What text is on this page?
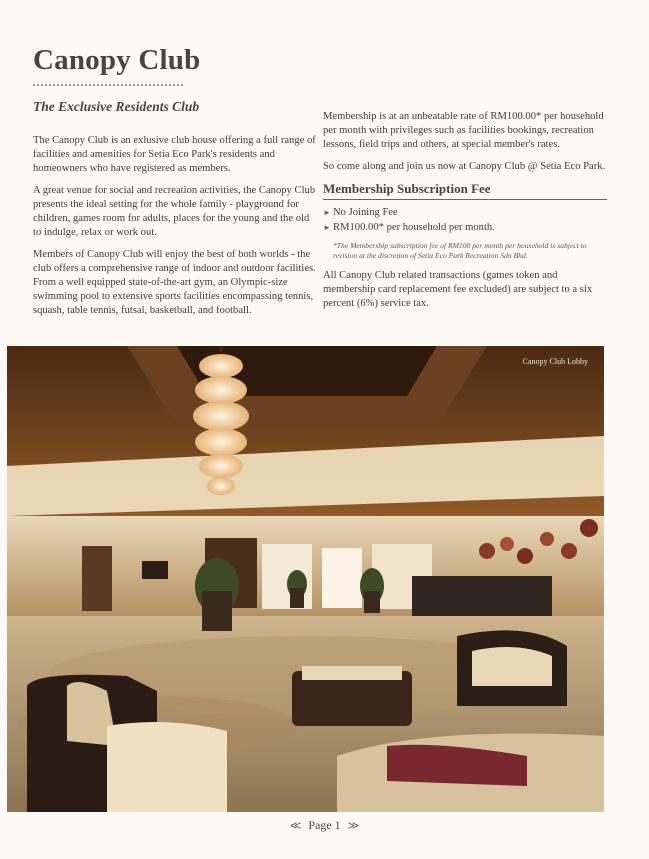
Canopy Club
The Exclusive Residents Club

The Canopy Club is an exlusive club house offering a full range of facilities and amenities for Setia Eco Park's residents and homeowners who have registered as members.

A great venue for social and recreation activities, the Canopy Club presents the ideal setting for the whole family - playground for children, games room for adults, places for the young and the old to indulge, relax or work out.

Members of Canopy Club will enjoy the best of both worlds - the club offers a comprehensive range of indoor and outdoor facilities. From a well equipped state-of-the-art gym, an Olympic-size swimming pool to extensive sports facilities encompassing tennis, squash, table tennis, futsal, basketball, and football.

Membership is at an unbeatable rate of RM100.00* per household per month with privileges such as facilities bookings, recreation lessons, field trips and others, at special member's rates.

So come along and join us now at Canopy Club @ Setia Eco Park.

Membership Subscription Fee
► No Joining Fee
► RM100.00* per household per month.

*The Membership subscription fee of RM100 per month per household is subject to revision at the discretion of Setia Eco Park Recreation Sdn Bhd.

All Canopy Club related transactions (games token and membership card replacement fee excluded) are subject to a six percent (6%) service tax.

Canopy Club Lobby
≪ Page 1 ≫
